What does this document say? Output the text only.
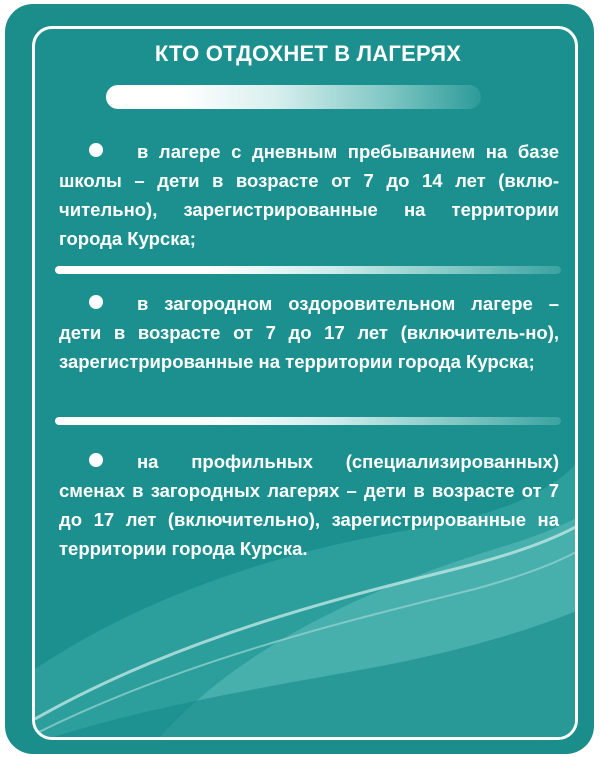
КТО ОТДОХНЕТ В ЛАГЕРЯХ
в лагере с дневным пребыванием на базе школы – дети в возрасте от 7 до 14 лет (вклю-чительно), зарегистрированные на территории города Курска;
в загородном оздоровительном лагере – дети в возрасте от 7 до 17 лет (включитель-но), зарегистрированные на территории города Курска;
на профильных (специализированных) сменах в загородных лагерях – дети в возрасте от 7 до 17 лет (включительно), зарегистрированные на территории города Курска.
